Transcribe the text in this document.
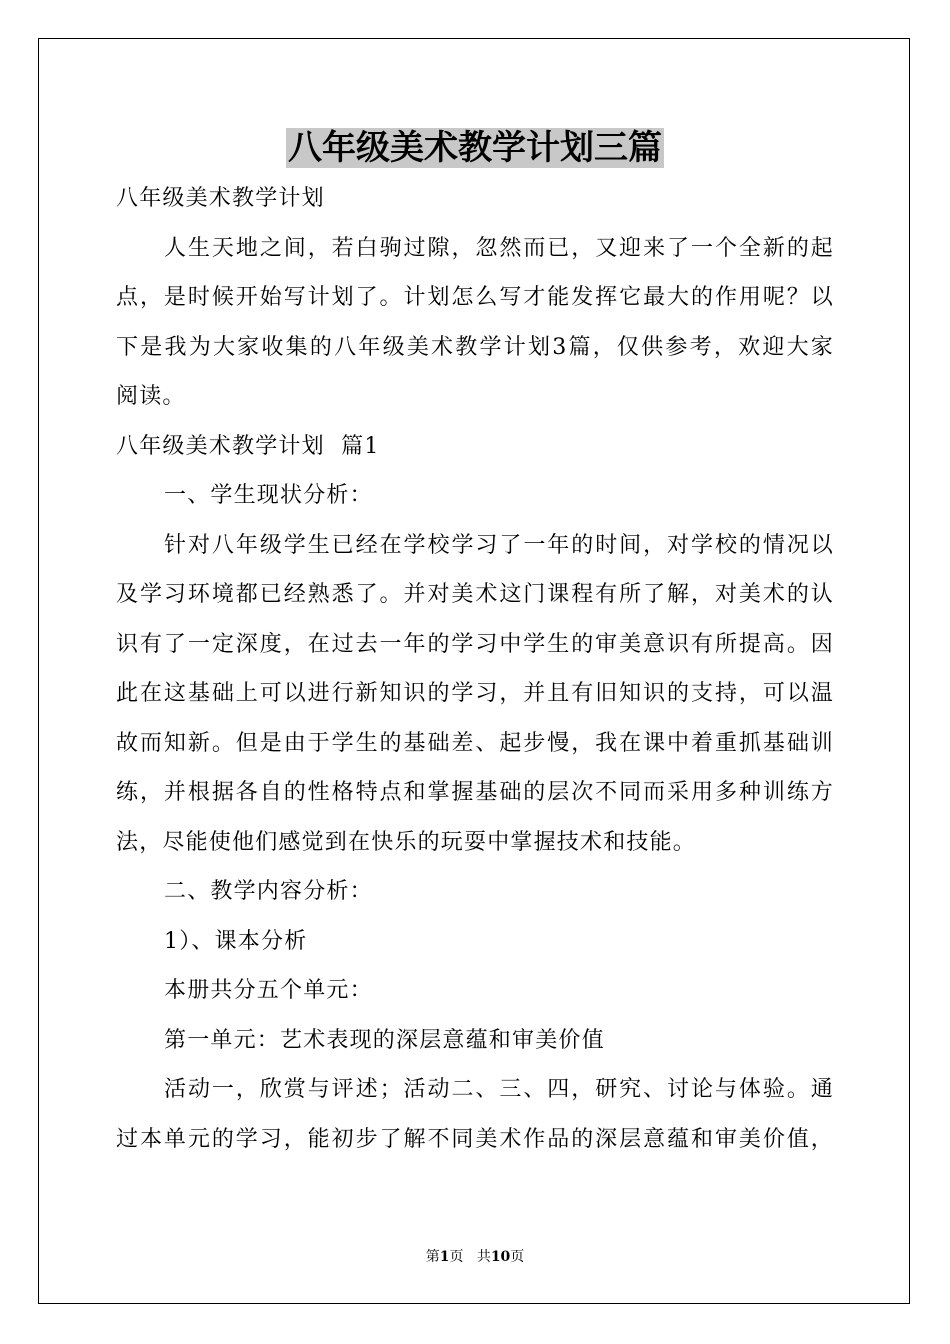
八年级美术教学计划三篇

八年级美术教学计划

人生天地之间，若白驹过隙，忽然而已，又迎来了一个全新的起

点，是时候开始写计划了。计划怎么写才能发挥它最大的作用呢？以

下是我为大家收集的八年级美术教学计划3篇，仅供参考，欢迎大家

阅读。

八年级美术教学计划  篇1

一、学生现状分析：

针对八年级学生已经在学校学习了一年的时间，对学校的情况以

及学习环境都已经熟悉了。并对美术这门课程有所了解，对美术的认

识有了一定深度，在过去一年的学习中学生的审美意识有所提高。因

此在这基础上可以进行新知识的学习，并且有旧知识的支持，可以温

故而知新。但是由于学生的基础差、起步慢，我在课中着重抓基础训

练，并根据各自的性格特点和掌握基础的层次不同而采用多种训练方

法，尽能使他们感觉到在快乐的玩耍中掌握技术和技能。

二、教学内容分析：

1）、课本分析

本册共分五个单元：

第一单元：艺术表现的深层意蕴和审美价值

活动一，欣赏与评述；活动二、三、四，研究、讨论与体验。通

过本单元的学习，能初步了解不同美术作品的深层意蕴和审美价值，

第1页 共10页
